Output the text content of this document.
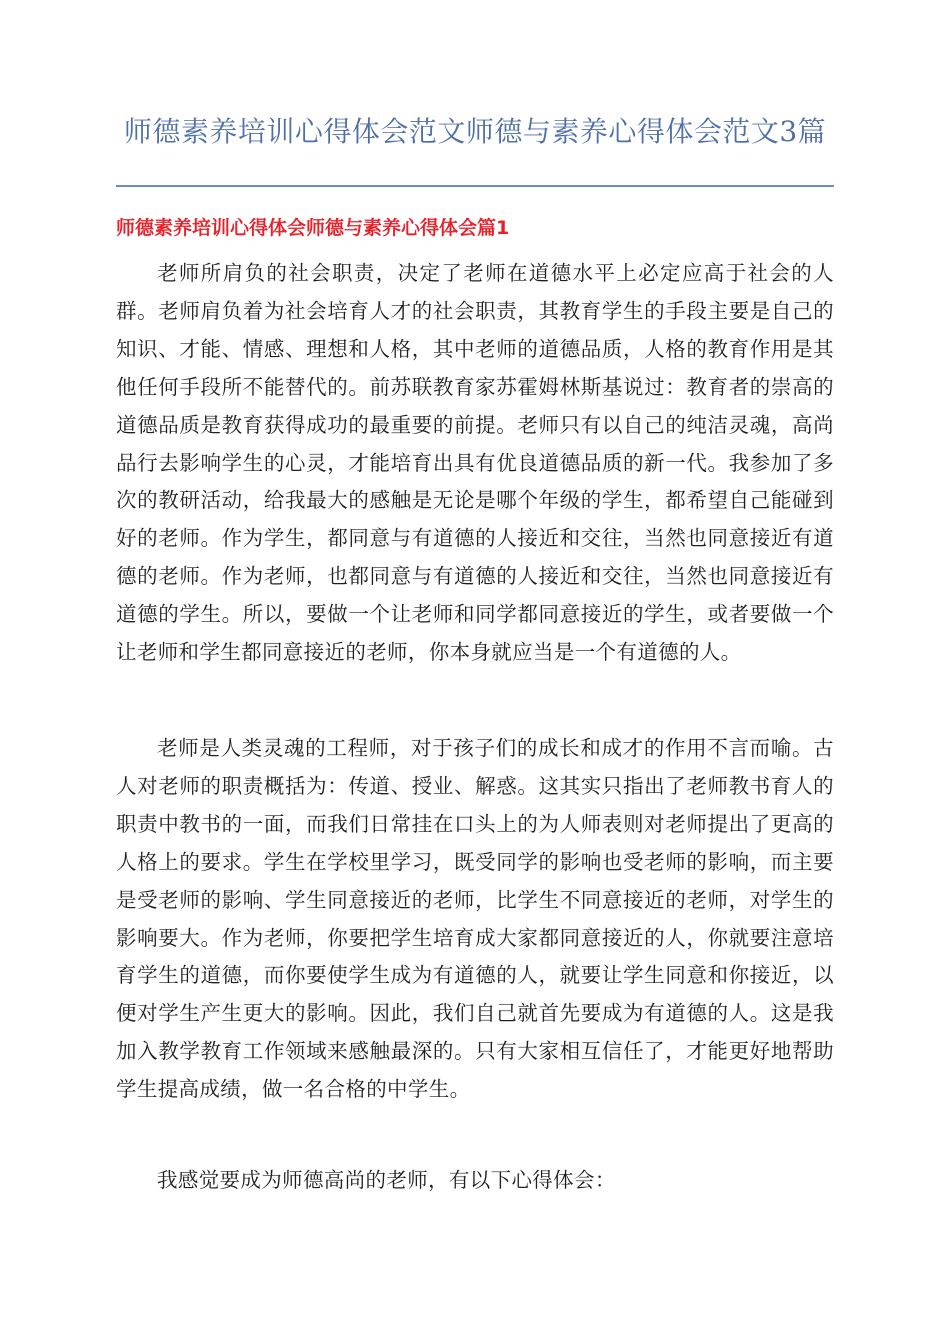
师德素养培训心得体会范文师德与素养心得体会范文3篇
师德素养培训心得体会师德与素养心得体会篇1

老师所肩负的社会职责，决定了老师在道德水平上必定应高于社会的人群。老师肩负着为社会培育人才的社会职责，其教育学生的手段主要是自己的知识、才能、情感、理想和人格，其中老师的道德品质，人格的教育作用是其他任何手段所不能替代的。前苏联教育家苏霍姆林斯基说过：教育者的崇高的道德品质是教育获得成功的最重要的前提。老师只有以自己的纯洁灵魂，高尚品行去影响学生的心灵，才能培育出具有优良道德品质的新一代。我参加了多次的教研活动，给我最大的感触是无论是哪个年级的学生，都希望自己能碰到好的老师。作为学生，都同意与有道德的人接近和交往，当然也同意接近有道德的老师。作为老师，也都同意与有道德的人接近和交往，当然也同意接近有道德的学生。所以，要做一个让老师和同学都同意接近的学生，或者要做一个让老师和学生都同意接近的老师，你本身就应当是一个有道德的人。

老师是人类灵魂的工程师，对于孩子们的成长和成才的作用不言而喻。古人对老师的职责概括为：传道、授业、解惑。这其实只指出了老师教书育人的职责中教书的一面，而我们日常挂在口头上的为人师表则对老师提出了更高的人格上的要求。学生在学校里学习，既受同学的影响也受老师的影响，而主要是受老师的影响、学生同意接近的老师，比学生不同意接近的老师，对学生的影响要大。作为老师，你要把学生培育成大家都同意接近的人，你就要注意培育学生的道德，而你要使学生成为有道德的人，就要让学生同意和你接近，以便对学生产生更大的影响。因此，我们自己就首先要成为有道德的人。这是我加入教学教育工作领域来感触最深的。只有大家相互信任了，才能更好地帮助学生提高成绩，做一名合格的中学生。

我感觉要成为师德高尚的老师，有以下心得体会：
